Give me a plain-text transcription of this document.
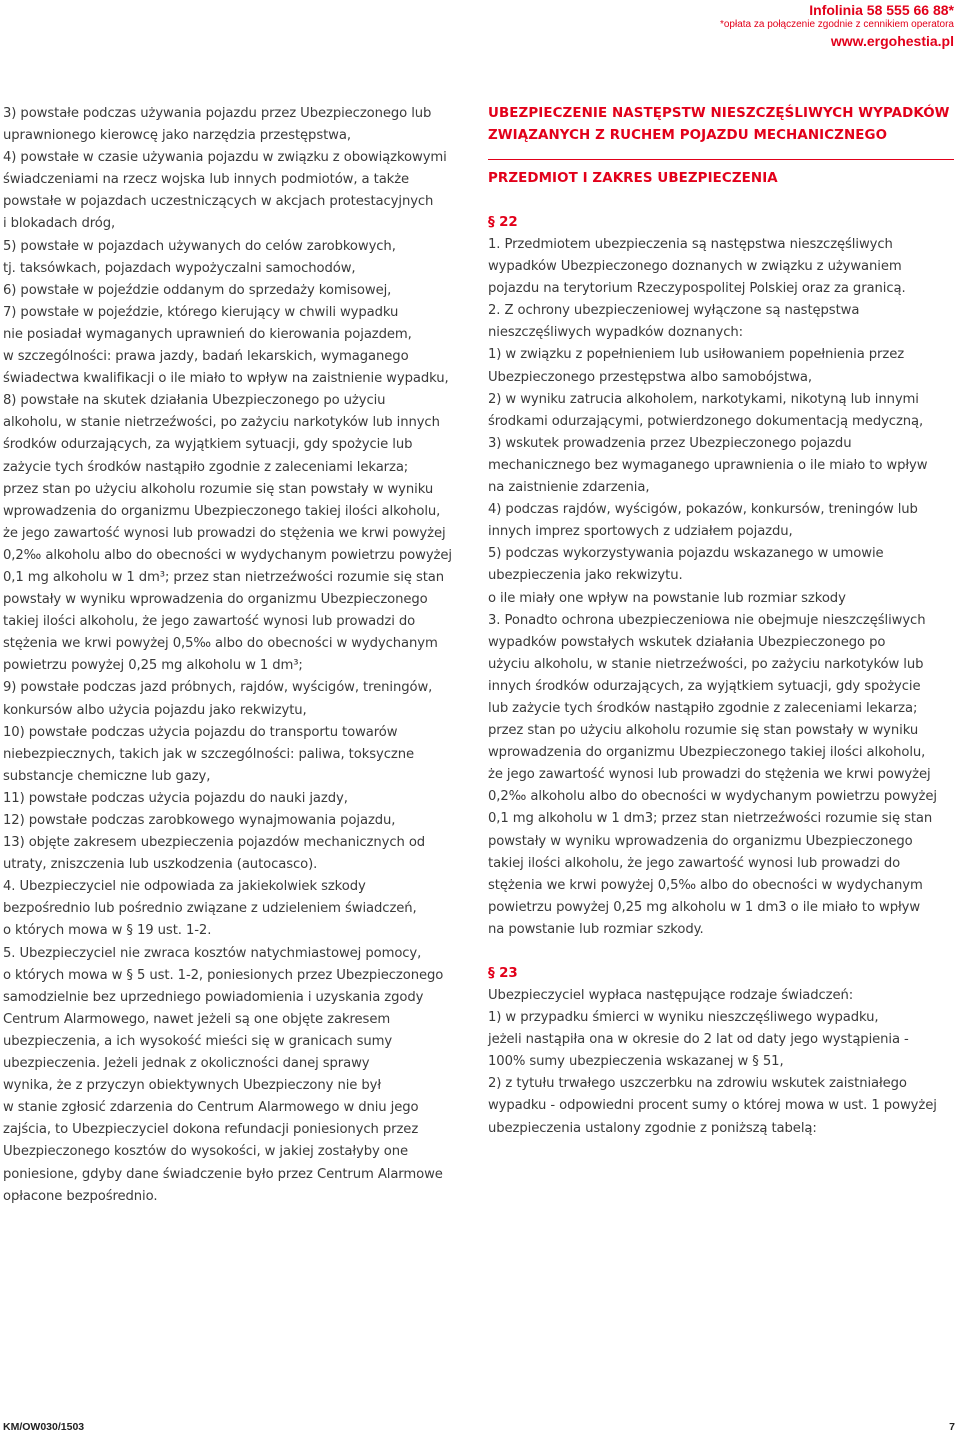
Infolinia 58 555 66 88*
*opłata za połączenie zgodnie z cennikiem operatora
www.ergohestia.pl
3) powstałe podczas używania pojazdu przez Ubezpieczonego lub
uprawnionego kierowcę jako narzędzia przestępstwa,
4) powstałe w czasie używania pojazdu w związku z obowiązkowymi
świadczeniami na rzecz wojska lub innych podmiotów, a także
powstałe w pojazdach uczestniczących w akcjach protestacyjnych
i blokadach dróg,
5) powstałe w pojazdach używanych do celów zarobkowych,
tj. taksówkach, pojazdach wypożyczalni samochodów,
6) powstałe w pojeździe oddanym do sprzedaży komisowej,
7) powstałe w pojeździe, którego kierujący w chwili wypadku
nie posiadał wymaganych uprawnień do kierowania pojazdem,
w szczególności: prawa jazdy, badań lekarskich, wymaganego
świadectwa kwalifikacji o ile miało to wpływ na zaistnienie wypadku,
8) powstałe na skutek działania Ubezpieczonego po użyciu
alkoholu, w stanie nietrzeźwości, po zażyciu narkotyków lub innych
środków odurzających, za wyjątkiem sytuacji, gdy spożycie lub
zażycie tych środków nastąpiło zgodnie z zaleceniami lekarza;
przez stan po użyciu alkoholu rozumie się stan powstały w wyniku
wprowadzenia do organizmu Ubezpieczonego takiej ilości alkoholu,
że jego zawartość wynosi lub prowadzi do stężenia we krwi powyżej
0,2‰ alkoholu albo do obecności w wydychanym powietrzu powyżej
0,1 mg alkoholu w 1 dm³; przez stan nietrzeźwości rozumie się stan
powstały w wyniku wprowadzenia do organizmu Ubezpieczonego
takiej ilości alkoholu, że jego zawartość wynosi lub prowadzi do
stężenia we krwi powyżej 0,5‰ albo do obecności w wydychanym
powietrzu powyżej 0,25 mg alkoholu w 1 dm³;
9) powstałe podczas jazd próbnych, rajdów, wyścigów, treningów,
konkursów albo użycia pojazdu jako rekwizytu,
10) powstałe podczas użycia pojazdu do transportu towarów
niebezpiecznych, takich jak w szczególności: paliwa, toksyczne
substancje chemiczne lub gazy,
11) powstałe podczas użycia pojazdu do nauki jazdy,
12) powstałe podczas zarobkowego wynajmowania pojazdu,
13) objęte zakresem ubezpieczenia pojazdów mechanicznych od
utraty, zniszczenia lub uszkodzenia (autocasco).
4. Ubezpieczyciel nie odpowiada za jakiekolwiek szkody
bezpośrednio lub pośrednio związane z udzieleniem świadczeń,
o których mowa w § 19 ust. 1-2.
5. Ubezpieczyciel nie zwraca kosztów natychmiastowej pomocy,
o których mowa w § 5 ust. 1-2, poniesionych przez Ubezpieczonego
samodzielnie bez uprzedniego powiadomienia i uzyskania zgody
Centrum Alarmowego, nawet jeżeli są one objęte zakresem
ubezpieczenia, a ich wysokość mieści się w granicach sumy
ubezpieczenia. Jeżeli jednak z okoliczności danej sprawy
wynika, że z przyczyn obiektywnych Ubezpieczony nie był
w stanie zgłosić zdarzenia do Centrum Alarmowego w dniu jego
zajścia, to Ubezpieczyciel dokona refundacji poniesionych przez
Ubezpieczonego kosztów do wysokości, w jakiej zostałyby one
poniesione, gdyby dane świadczenie było przez Centrum Alarmowe
opłacone bezpośrednio.
UBEZPIECZENIE NASTĘPSTW NIESZCZĘŚLIWYCH WYPADKÓW
ZWIĄZANYCH Z RUCHEM POJAZDU MECHANICZNEGO
PRZEDMIOT I ZAKRES UBEZPIECZENIA
§ 22
1. Przedmiotem ubezpieczenia są następstwa nieszczęśliwych
wypadków Ubezpieczonego doznanych w związku z używaniem
pojazdu na terytorium Rzeczypospolitej Polskiej oraz za granicą.
2. Z ochrony ubezpieczeniowej wyłączone są następstwa
nieszczęśliwych wypadków doznanych:
1) w związku z popełnieniem lub usiłowaniem popełnienia przez
Ubezpieczonego przestępstwa albo samobójstwa,
2) w wyniku zatrucia alkoholem, narkotykami, nikotyną lub innymi
środkami odurzającymi, potwierdzonego dokumentacją medyczną,
3) wskutek prowadzenia przez Ubezpieczonego pojazdu
mechanicznego bez wymaganego uprawnienia o ile miało to wpływ
na zaistnienie zdarzenia,
4) podczas rajdów, wyścigów, pokazów, konkursów, treningów lub
innych imprez sportowych z udziałem pojazdu,
5) podczas wykorzystywania pojazdu wskazanego w umowie
ubezpieczenia jako rekwizytu.
o ile miały one wpływ na powstanie lub rozmiar szkody
3. Ponadto ochrona ubezpieczeniowa nie obejmuje nieszczęśliwych
wypadków powstałych wskutek działania Ubezpieczonego po
użyciu alkoholu, w stanie nietrzeźwości, po zażyciu narkotyków lub
innych środków odurzających, za wyjątkiem sytuacji, gdy spożycie
lub zażycie tych środków nastąpiło zgodnie z zaleceniami lekarza;
przez stan po użyciu alkoholu rozumie się stan powstały w wyniku
wprowadzenia do organizmu Ubezpieczonego takiej ilości alkoholu,
że jego zawartość wynosi lub prowadzi do stężenia we krwi powyżej
0,2‰ alkoholu albo do obecności w wydychanym powietrzu powyżej
0,1 mg alkoholu w 1 dm3; przez stan nietrzeźwości rozumie się stan
powstały w wyniku wprowadzenia do organizmu Ubezpieczonego
takiej ilości alkoholu, że jego zawartość wynosi lub prowadzi do
stężenia we krwi powyżej 0,5‰ albo do obecności w wydychanym
powietrzu powyżej 0,25 mg alkoholu w 1 dm3 o ile miało to wpływ
na powstanie lub rozmiar szkody.
§ 23
Ubezpieczyciel wypłaca następujące rodzaje świadczeń:
1) w przypadku śmierci w wyniku nieszczęśliwego wypadku,
jeżeli nastąpiła ona w okresie do 2 lat od daty jego wystąpienia -
100% sumy ubezpieczenia wskazanej w § 51,
2) z tytułu trwałego uszczerbku na zdrowiu wskutek zaistniałego
wypadku - odpowiedni procent sumy o której mowa w ust. 1 powyżej
ubezpieczenia ustalony zgodnie z poniższą tabelą:
KM/OW030/1503	7
